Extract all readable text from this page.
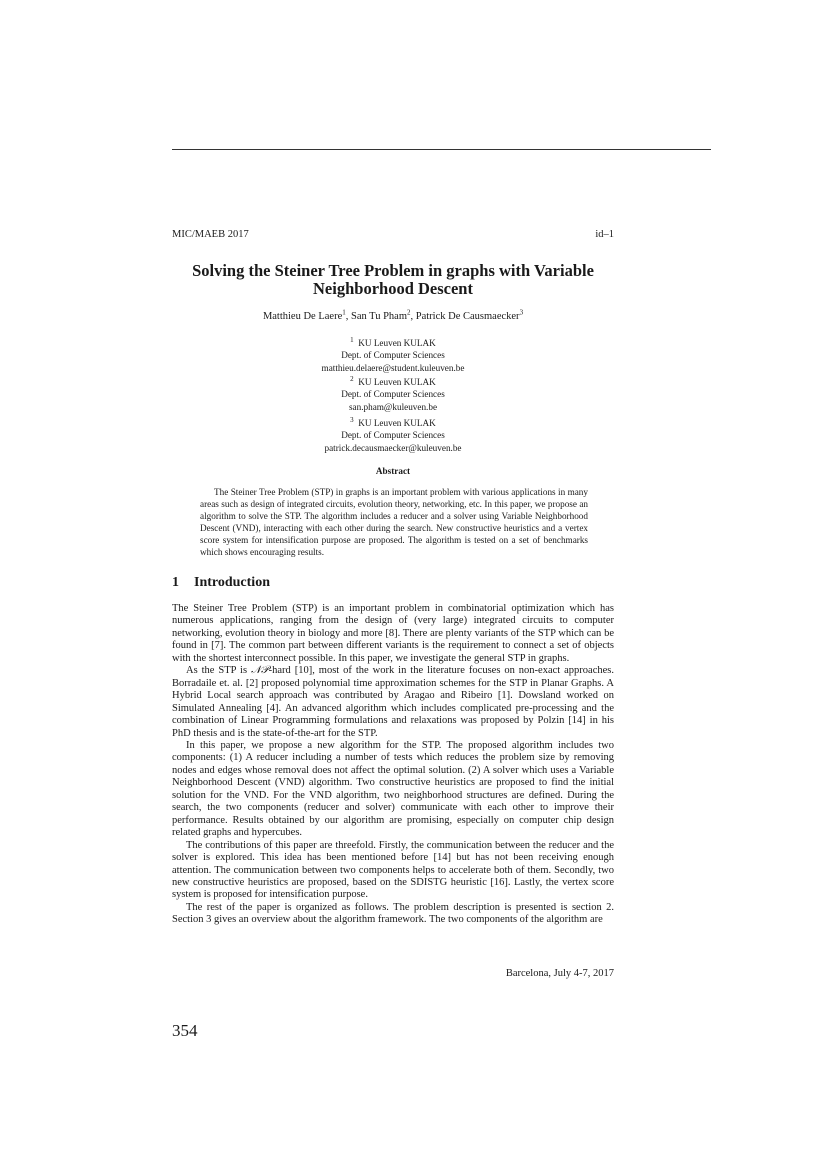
MIC/MAEB 2017	id–1
Solving the Steiner Tree Problem in graphs with Variable Neighborhood Descent
Matthieu De Laere$^1$, San Tu Pham$^2$, Patrick De Causmaecker$^3$
$^1$ KU Leuven KULAK
Dept. of Computer Sciences
matthieu.delaere@student.kuleuven.be
$^2$ KU Leuven KULAK
Dept. of Computer Sciences
san.pham@kuleuven.be
$^3$ KU Leuven KULAK
Dept. of Computer Sciences
patrick.decausmaecker@kuleuven.be
Abstract

The Steiner Tree Problem (STP) in graphs is an important problem with various applications in many areas such as design of integrated circuits, evolution theory, networking, etc. In this paper, we propose an algorithm to solve the STP. The algorithm includes a reducer and a solver using Variable Neighborhood Descent (VND), interacting with each other during the search. New constructive heuristics and a vertex score system for intensification purpose are proposed. The algorithm is tested on a set of benchmarks which shows encouraging results.

1 Introduction

The Steiner Tree Problem (STP) is an important problem in combinatorial optimization which has numerous applications, ranging from the design of (very large) integrated circuits to computer networking, evolution theory in biology and more [8]. There are plenty variants of the STP which can be found in [7]. The common part between different variants is the requirement to connect a set of objects with the shortest interconnect possible. In this paper, we investigate the general STP in graphs.

As the STP is 𝒩𝒫-hard [10], most of the work in the literature focuses on non-exact approaches. Borradaile et. al. [2] proposed polynomial time approximation schemes for the STP in Planar Graphs. A Hybrid Local search approach was contributed by Aragao and Ribeiro [1]. Dowsland worked on Simulated Annealing [4]. An advanced algorithm which includes complicated pre-processing and the combination of Linear Programming formulations and relaxations was proposed by Polzin [14] in his PhD thesis and is the state-of-the-art for the STP.

In this paper, we propose a new algorithm for the STP. The proposed algorithm includes two components: (1) A reducer including a number of tests which reduces the problem size by removing nodes and edges whose removal does not affect the optimal solution. (2) A solver which uses a Variable Neighborhood Descent (VND) algorithm. Two constructive heuristics are proposed to find the initial solution for the VND. For the VND algorithm, two neighborhood structures are defined. During the search, the two components (reducer and solver) communicate with each other to improve their performance. Results obtained by our algorithm are promising, especially on computer chip design related graphs and hypercubes.

The contributions of this paper are threefold. Firstly, the communication between the reducer and the solver is explored. This idea has been mentioned before [14] but has not been receiving enough attention. The communication between two components helps to accelerate both of them. Secondly, two new constructive heuristics are proposed, based on the SDISTG heuristic [16]. Lastly, the vertex score system is proposed for intensification purpose.

The rest of the paper is organized as follows. The problem description is presented is section 2. Section 3 gives an overview about the algorithm framework. The two components of the algorithm are

Barcelona, July 4-7, 2017
354
